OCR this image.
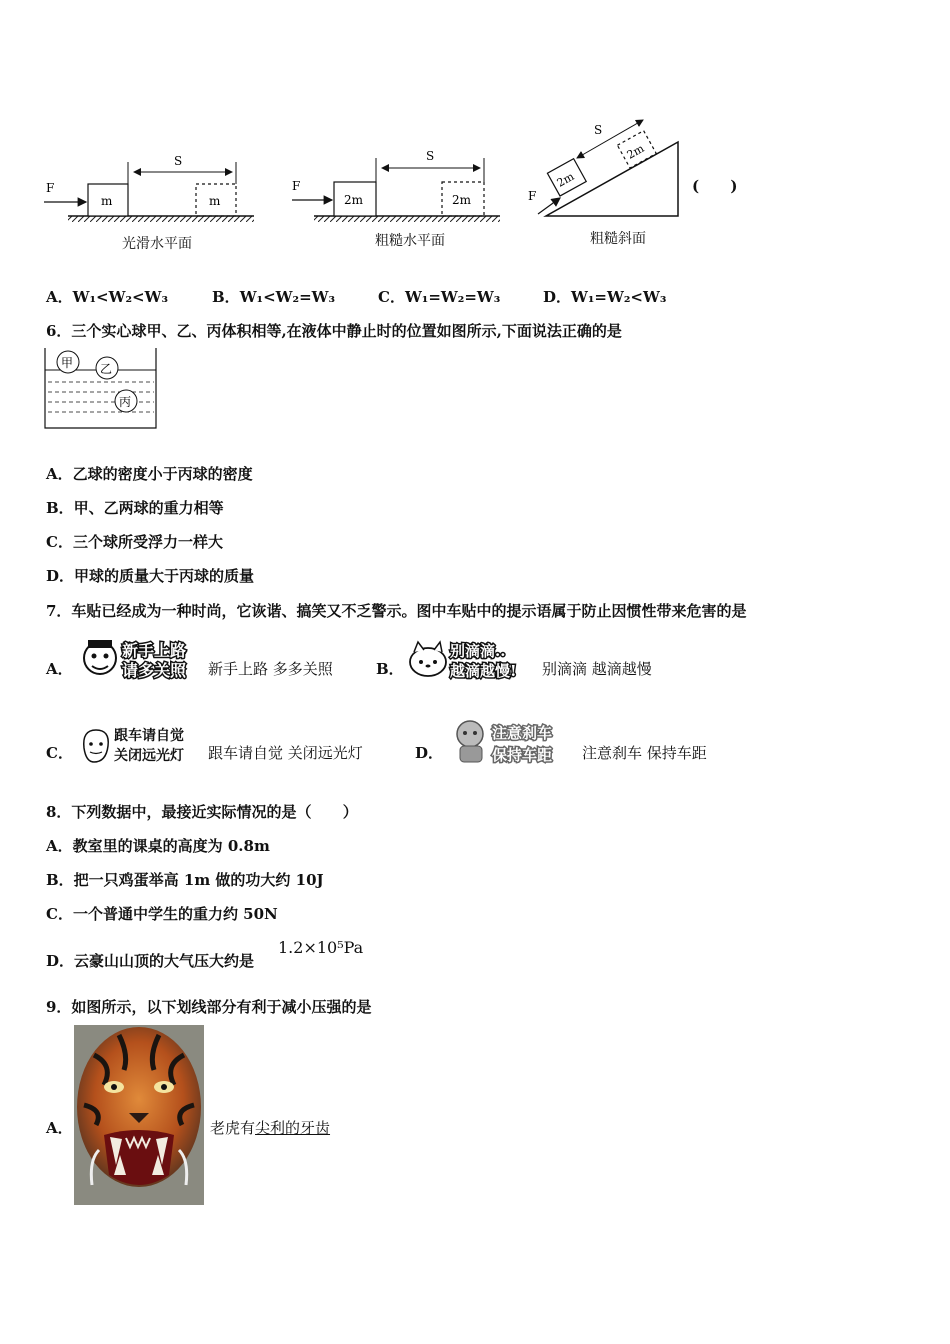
F
S
m	m
F
S
2m	2m
2m
2m
F
S
光滑水平面	粗糙水平面	粗糙斜面
(      )
A．W₁<W₂<W₃	B．W₁<W₂=W₃	C．W₁=W₂=W₃	D．W₁=W₂<W₃
6．三个实心球甲、乙、丙体积相等,在液体中静止时的位置如图所示,下面说法正确的是
甲 乙
丙
A．乙球的密度小于丙球的密度
B．甲、乙两球的重力相等
C．三个球所受浮力一样大
D．甲球的质量大于丙球的质量
7．车贴已经成为一种时尚，它诙谐、搞笑又不乏警示。图中车贴中的提示语属于防止因惯性带来危害的是
A．
新手上路
请多关照 新手上路 多多关照	B．
别滴滴..
越滴越慢! 别滴滴 越滴越慢
C．
跟车请自觉
关闭远光灯 跟车请自觉 关闭远光灯	D．
注意刹车
保持车距 注意刹车 保持车距
8．下列数据中，最接近实际情况的是（      ）
A．教室里的课桌的高度为 0.8m
B．把一只鸡蛋举高 1m 做的功大约 10J
C．一个普通中学生的重力约 50N
D．云豪山山顶的大气压大约是
1.2×10⁵Pa
9．如图所示，以下划线部分有利于减小压强的是
A．	老虎有尖利的牙齿
